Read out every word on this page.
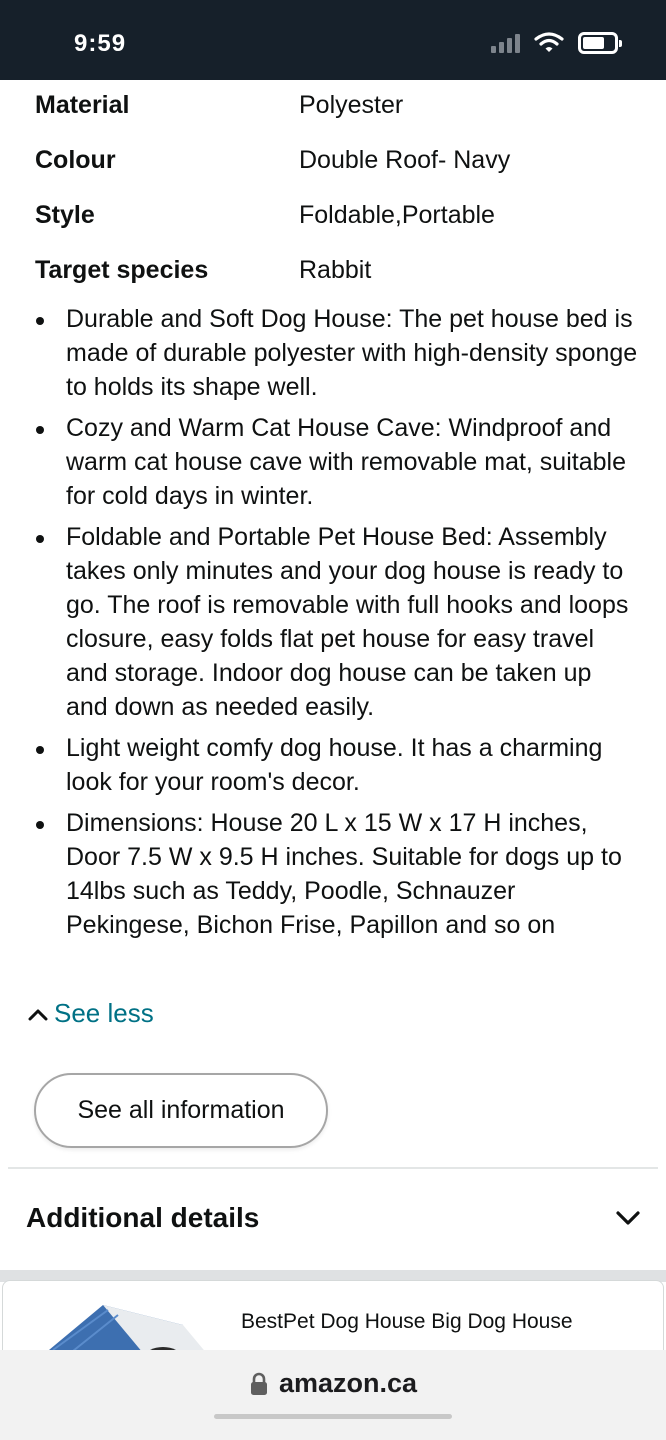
9:59
Material	Polyester
Colour	Double Roof- Navy
Style	Foldable,Portable
Target species	Rabbit
Durable and Soft Dog House: The pet house bed is made of durable polyester with high-density sponge to holds its shape well.
Cozy and Warm Cat House Cave: Windproof and warm cat house cave with removable mat, suitable for cold days in winter.
Foldable and Portable Pet House Bed: Assembly takes only minutes and your dog house is ready to go. The roof is removable with full hooks and loops closure, easy folds flat pet house for easy travel and storage. Indoor dog house can be taken up and down as needed easily.
Light weight comfy dog house. It has a charming look for your room's decor.
Dimensions: House 20 L x 15 W x 17 H inches, Door 7.5 W x 9.5 H inches. Suitable for dogs up to 14lbs such as Teddy, Poodle, Schnauzer Pekingese, Bichon Frise, Papillon and so on
See less
See all information
Additional details
BestPet Dog House Big Dog House
amazon.ca
